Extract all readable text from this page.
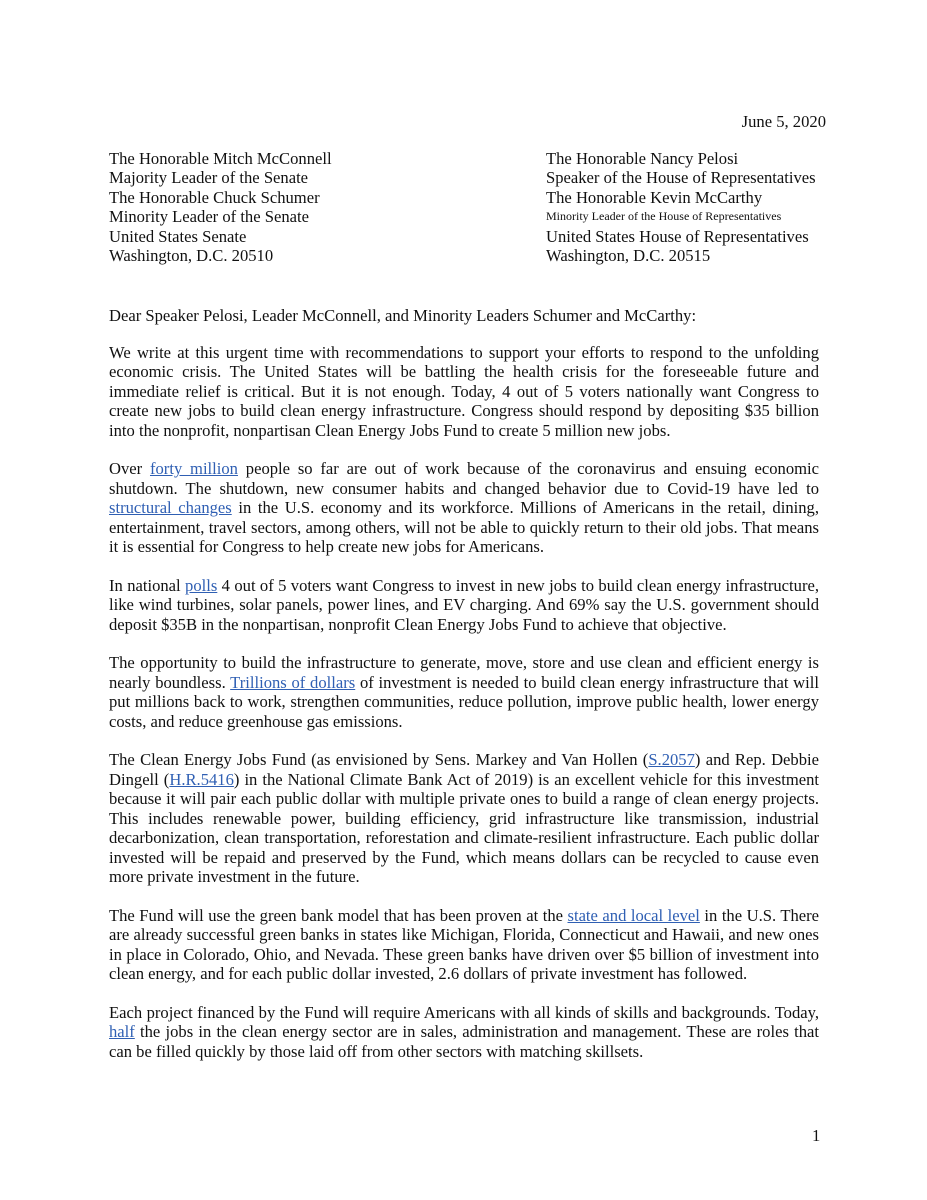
June 5, 2020
The Honorable Mitch McConnell
Majority Leader of the Senate
The Honorable Chuck Schumer
Minority Leader of the Senate
United States Senate
Washington, D.C. 20510
The Honorable Nancy Pelosi
Speaker of the House of Representatives
The Honorable Kevin McCarthy
Minority Leader of the House of Representatives
United States House of Representatives
Washington, D.C. 20515
Dear Speaker Pelosi, Leader McConnell, and Minority Leaders Schumer and McCarthy:

We write at this urgent time with recommendations to support your efforts to respond to the unfolding economic crisis. The United States will be battling the health crisis for the foreseeable future and immediate relief is critical. But it is not enough. Today, 4 out of 5 voters nationally want Congress to create new jobs to build clean energy infrastructure. Congress should respond by depositing $35 billion into the nonprofit, nonpartisan Clean Energy Jobs Fund to create 5 million new jobs.

Over forty million people so far are out of work because of the coronavirus and ensuing economic shutdown. The shutdown, new consumer habits and changed behavior due to Covid-19 have led to structural changes in the U.S. economy and its workforce. Millions of Americans in the retail, dining, entertainment, travel sectors, among others, will not be able to quickly return to their old jobs. That means it is essential for Congress to help create new jobs for Americans.

In national polls 4 out of 5 voters want Congress to invest in new jobs to build clean energy infrastructure, like wind turbines, solar panels, power lines, and EV charging. And 69% say the U.S. government should deposit $35B in the nonpartisan, nonprofit Clean Energy Jobs Fund to achieve that objective.

The opportunity to build the infrastructure to generate, move, store and use clean and efficient energy is nearly boundless. Trillions of dollars of investment is needed to build clean energy infrastructure that will put millions back to work, strengthen communities, reduce pollution, improve public health, lower energy costs, and reduce greenhouse gas emissions.

The Clean Energy Jobs Fund (as envisioned by Sens. Markey and Van Hollen (S.2057) and Rep. Debbie Dingell (H.R.5416) in the National Climate Bank Act of 2019) is an excellent vehicle for this investment because it will pair each public dollar with multiple private ones to build a range of clean energy projects. This includes renewable power, building efficiency, grid infrastructure like transmission, industrial decarbonization, clean transportation, reforestation and climate-resilient infrastructure. Each public dollar invested will be repaid and preserved by the Fund, which means dollars can be recycled to cause even more private investment in the future.

The Fund will use the green bank model that has been proven at the state and local level in the U.S. There are already successful green banks in states like Michigan, Florida, Connecticut and Hawaii, and new ones in place in Colorado, Ohio, and Nevada. These green banks have driven over $5 billion of investment into clean energy, and for each public dollar invested, 2.6 dollars of private investment has followed.

Each project financed by the Fund will require Americans with all kinds of skills and backgrounds. Today, half the jobs in the clean energy sector are in sales, administration and management. These are roles that can be filled quickly by those laid off from other sectors with matching skillsets.

1
